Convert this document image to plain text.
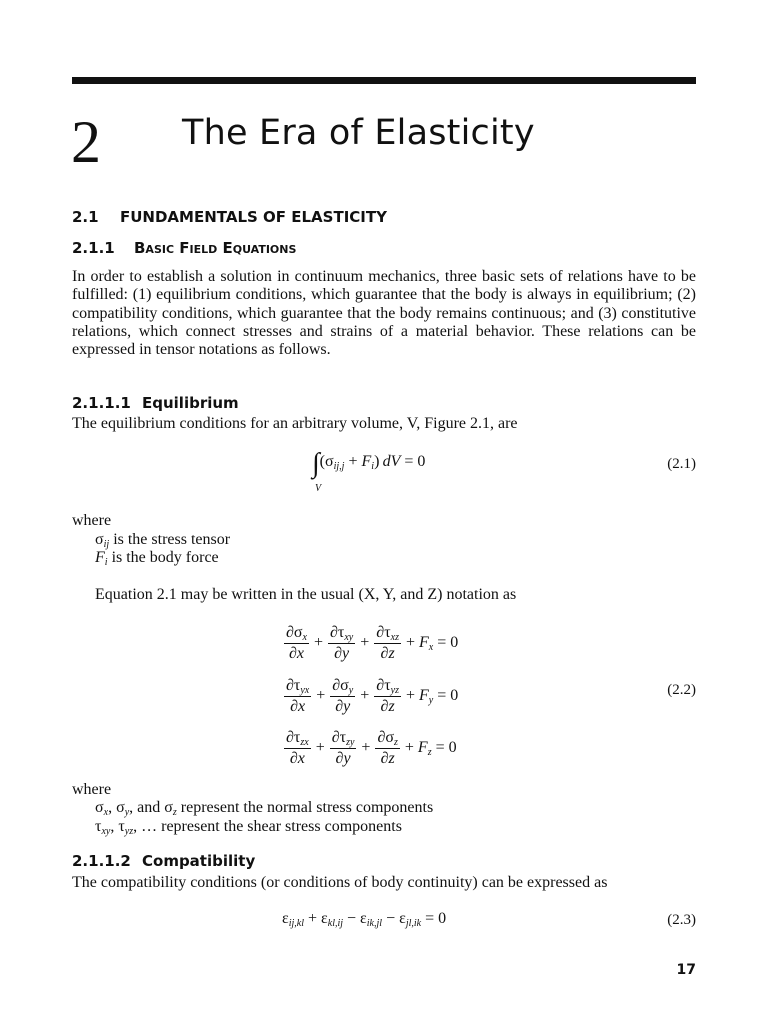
2 The Era of Elasticity
2.1 FUNDAMENTALS OF ELASTICITY
2.1.1 Basic Field Equations
In order to establish a solution in continuum mechanics, three basic sets of relations have to be fulfilled: (1) equilibrium conditions, which guarantee that the body is always in equilibrium; (2) compatibility conditions, which guarantee that the body remains continuous; and (3) constitutive relations, which connect stresses and strains of a material behavior. These relations can be expressed in tensor notations as follows.
2.1.1.1 Equilibrium
The equilibrium conditions for an arbitrary volume, V, Figure 2.1, are
$\int(\sigma_{ij,j} + F_i)$ dV = 0
V
(2.1)
where
$\sigma_{ij}$ is the stress tensor
$F_i$ is the body force
Equation 2.1 may be written in the usual (X, Y, and Z) notation as
$\frac{\partial\sigma_x}{\partial x} + \frac{\partial\tau_{xy}}{\partial y} + \frac{\partial\tau_{xz}}{\partial z} + F_x = 0$
$\frac{\partial\tau_{yx}}{\partial x} + \frac{\partial\sigma_y}{\partial y} + \frac{\partial\tau_{yz}}{\partial z} + F_y = 0$
$\frac{\partial\tau_{zx}}{\partial x} + \frac{\partial\tau_{zy}}{\partial y} + \frac{\partial\sigma_z}{\partial z} + F_z = 0$
(2.2)
where
$\sigma_x$, $\sigma_y$, and $\sigma_z$ represent the normal stress components
$\tau_{xy}$, $\tau_{yz}$, … represent the shear stress components
2.1.1.2 Compatibility
The compatibility conditions (or conditions of body continuity) can be expressed as
$\varepsilon_{ij,kl} + \varepsilon_{kl,ij} - \varepsilon_{ik,jl} - \varepsilon_{jl,ik} = 0$	(2.3)
17
